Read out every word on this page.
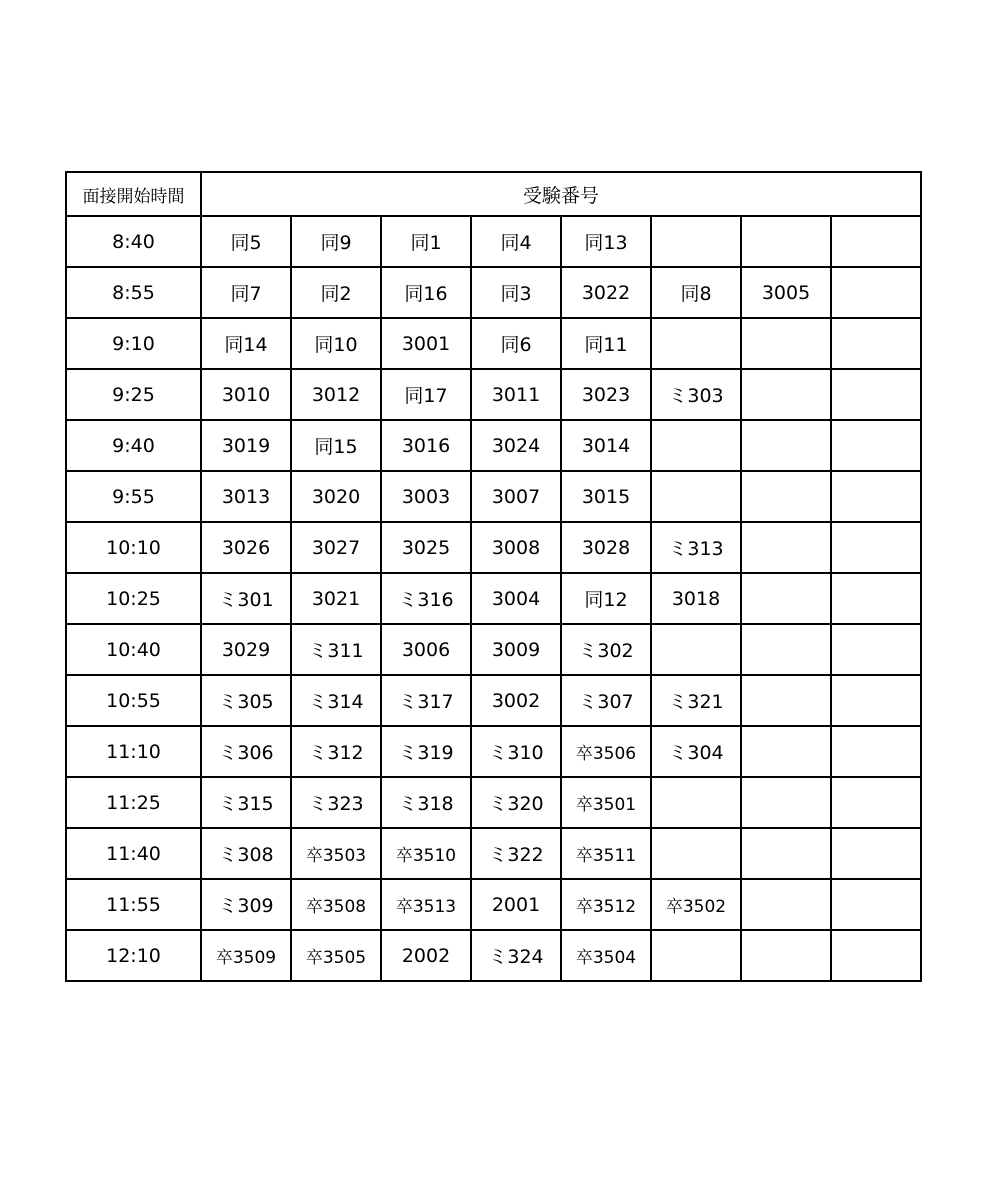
面接開始時間	受験番号							
8:40	同5	同9	同1	同4	同13			
8:55	同7	同2	同16	同3	3022	同8	3005	
9:10	同14	同10	3001	同6	同11			
9:25	3010	3012	同17	3011	3023	ミ303		
9:40	3019	同15	3016	3024	3014			
9:55	3013	3020	3003	3007	3015			
10:10	3026	3027	3025	3008	3028	ミ313		
10:25	ミ301	3021	ミ316	3004	同12	3018		
10:40	3029	ミ311	3006	3009	ミ302			
10:55	ミ305	ミ314	ミ317	3002	ミ307	ミ321		
11:10	ミ306	ミ312	ミ319	ミ310	卒3506	ミ304		
11:25	ミ315	ミ323	ミ318	ミ320	卒3501			
11:40	ミ308	卒3503	卒3510	ミ322	卒3511			
11:55	ミ309	卒3508	卒3513	2001	卒3512	卒3502		
12:10	卒3509	卒3505	2002	ミ324	卒3504			
